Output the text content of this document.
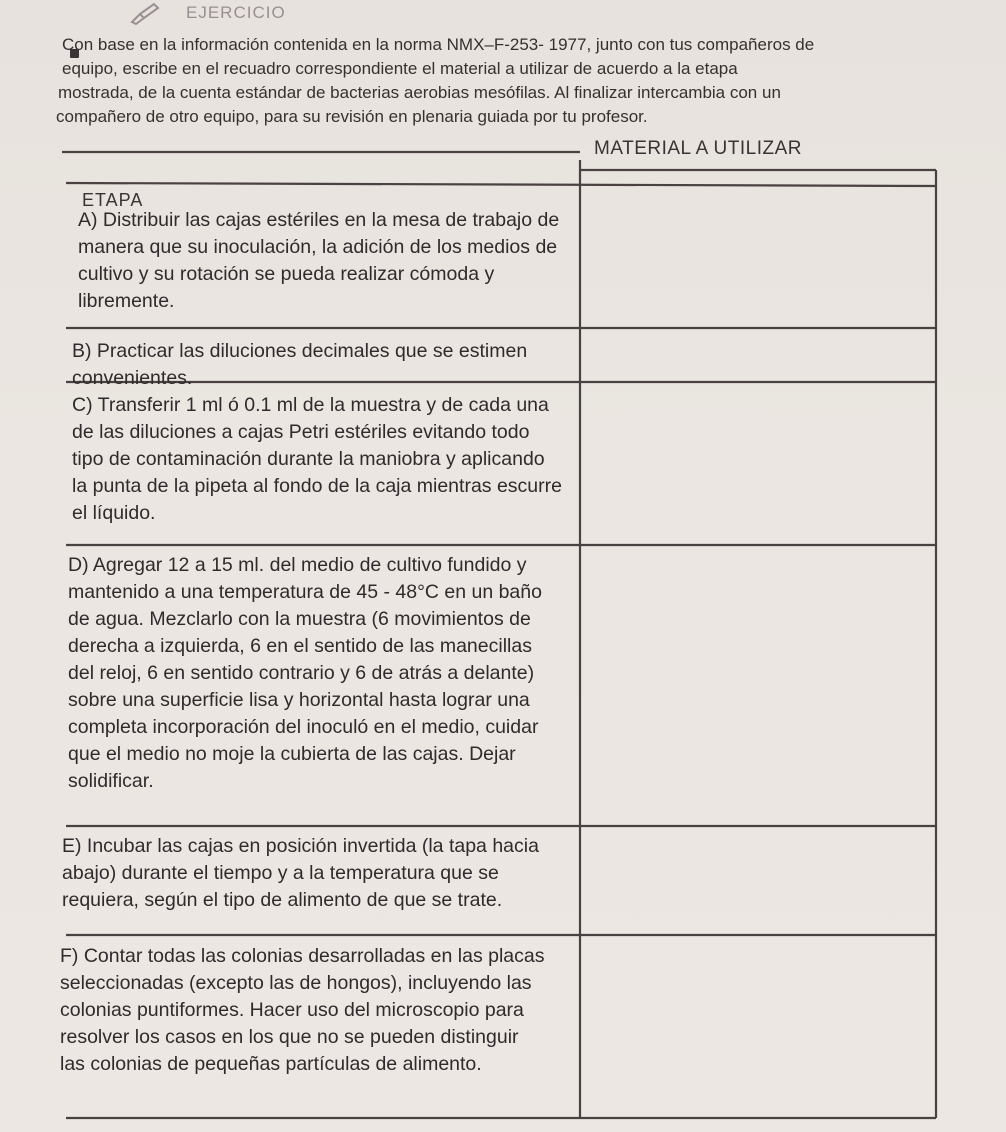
EJERCICIO
Con base en la información contenida en la norma NMX–F-253- 1977, junto con tus compañeros de
equipo, escribe en el recuadro correspondiente el material a utilizar de acuerdo a la etapa
mostrada, de la cuenta estándar de bacterias aerobias mesófilas. Al finalizar intercambia con un
compañero de otro equipo, para su revisión en plenaria guiada por tu profesor.
MATERIAL A UTILIZAR
ETAPA
A) Distribuir las cajas estériles en la mesa de trabajo de
manera que su inoculación, la adición de los medios de
cultivo y su rotación se pueda realizar cómoda y
libremente.
B) Practicar las diluciones decimales que se estimen
convenientes.
C) Transferir 1 ml ó 0.1 ml de la muestra y de cada una
de las diluciones a cajas Petri estériles evitando todo
tipo de contaminación durante la maniobra y aplicando
la punta de la pipeta al fondo de la caja mientras escurre
el líquido.
D) Agregar 12 a 15 ml. del medio de cultivo fundido y
mantenido a una temperatura de 45 - 48°C en un baño
de agua. Mezclarlo con la muestra (6 movimientos de
derecha a izquierda, 6 en el sentido de las manecillas
del reloj, 6 en sentido contrario y 6 de atrás a delante)
sobre una superficie lisa y horizontal hasta lograr una
completa incorporación del inoculó en el medio, cuidar
que el medio no moje la cubierta de las cajas. Dejar
solidificar.
E) Incubar las cajas en posición invertida (la tapa hacia
abajo) durante el tiempo y a la temperatura que se
requiera, según el tipo de alimento de que se trate.
F) Contar todas las colonias desarrolladas en las placas
seleccionadas (excepto las de hongos), incluyendo las
colonias puntiformes. Hacer uso del microscopio para
resolver los casos en los que no se pueden distinguir
las colonias de pequeñas partículas de alimento.
